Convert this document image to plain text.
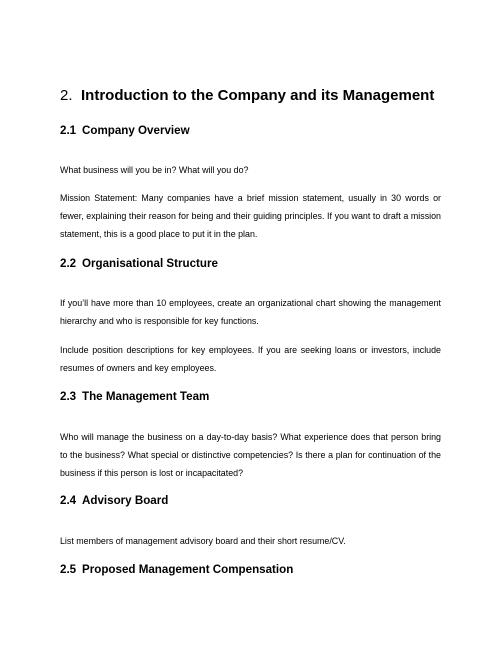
2. Introduction to the Company and its Management
2.1 Company Overview
What business will you be in? What will you do?
Mission Statement: Many companies have a brief mission statement, usually in 30 words or fewer, explaining their reason for being and their guiding principles. If you want to draft a mission statement, this is a good place to put it in the plan.
2.2 Organisational Structure
If you’ll have more than 10 employees, create an organizational chart showing the management hierarchy and who is responsible for key functions.
Include position descriptions for key employees. If you are seeking loans or investors, include resumes of owners and key employees.
2.3 The Management Team
Who will manage the business on a day-to-day basis? What experience does that person bring to the business? What special or distinctive competencies? Is there a plan for continuation of the business if this person is lost or incapacitated?
2.4 Advisory Board
List members of management advisory board and their short resume/CV.
2.5 Proposed Management Compensation
